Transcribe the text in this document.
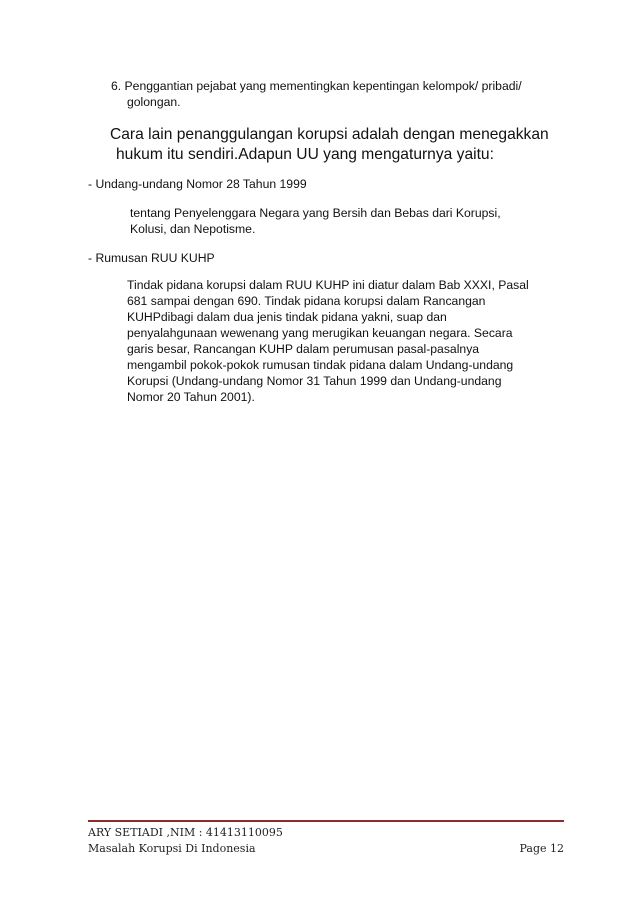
6. Penggantian pejabat yang mementingkan kepentingan kelompok/ pribadi/
golongan.
Cara lain penanggulangan korupsi adalah dengan menegakkan
hukum itu sendiri.Adapun UU yang mengaturnya yaitu:
- Undang-undang Nomor 28 Tahun 1999
tentang Penyelenggara Negara yang Bersih dan Bebas dari Korupsi,
Kolusi, dan Nepotisme.
- Rumusan RUU KUHP
Tindak pidana korupsi dalam RUU KUHP ini diatur dalam Bab XXXI, Pasal
681 sampai dengan 690. Tindak pidana korupsi dalam Rancangan
KUHPdibagi dalam dua jenis tindak pidana yakni, suap dan
penyalahgunaan wewenang yang merugikan keuangan negara. Secara
garis besar, Rancangan KUHP dalam perumusan pasal-pasalnya
mengambil pokok-pokok rumusan tindak pidana dalam Undang-undang
Korupsi (Undang-undang Nomor 31 Tahun 1999 dan Undang-undang
Nomor 20 Tahun 2001).
ARY SETIADI ,NIM : 41413110095
Masalah Korupsi Di Indonesia	Page 12
